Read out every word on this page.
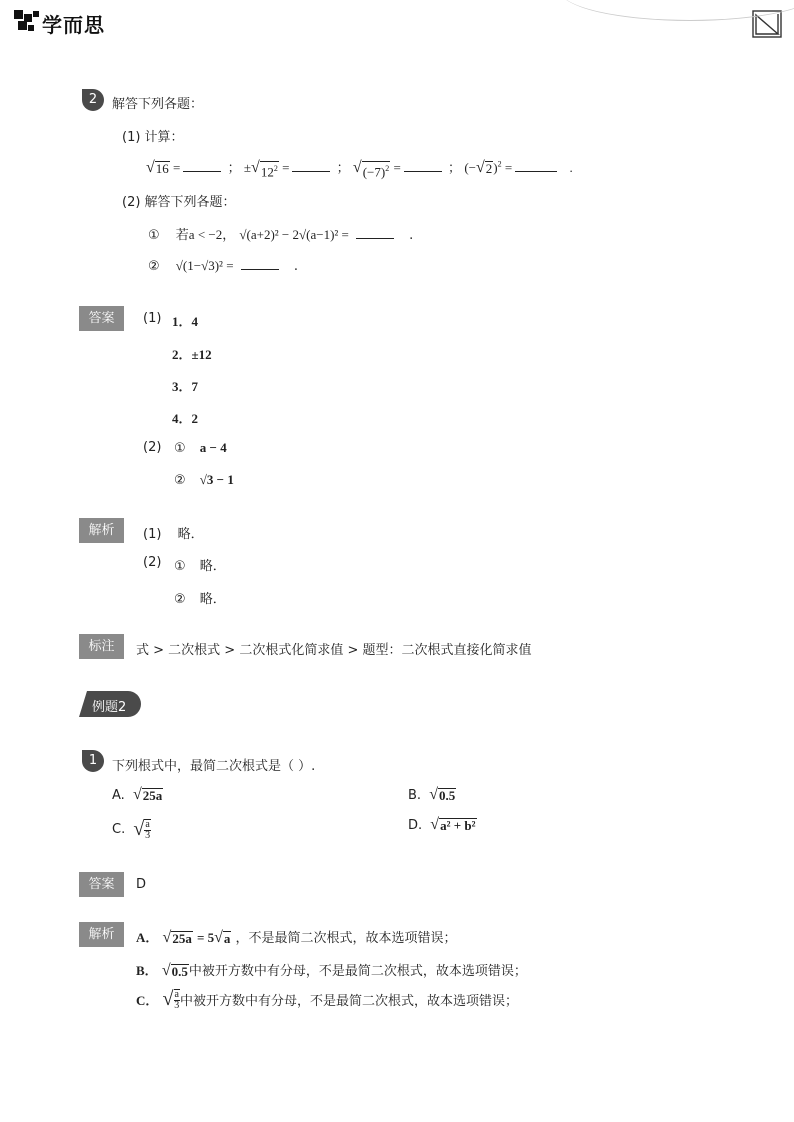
学而思
2	解答下列各题：
(1) 计算：
√ 16 =	； ± √ $12^2$ =	； √ $(-7)^2$ =	； (− √ 2 )$^2$ =	.
(2) 解答下列各题：
① 若a < −2， √(a+2)² − 2√(a−1)² =	.
② √(1−√3)² =	.
答案	(1) 1．4
2．±12
3．7
4．2
(2) ① a − 4
② √3 − 1
解析	(1) 略．
(2) ① 略．
② 略．
标注	式 > 二次根式 > 二次根式化简求值 > 题型：二次根式直接化简求值
例题2
1	下列根式中，最简二次根式是（ ）.
A. √ 25a	B. √ 0.5
C. √ $\frac{a}{3}$	D. √ a² + b²
答案	D
解析	A． √ 25a = 5 √ a ，不是最简二次根式，故本选项错误；
B． √ 0.5 中被开方数中有分母，不是最简二次根式，故本选项错误；
C． √ $\frac{a}{3}$ 中被开方数中有分母，不是最简二次根式，故本选项错误；
